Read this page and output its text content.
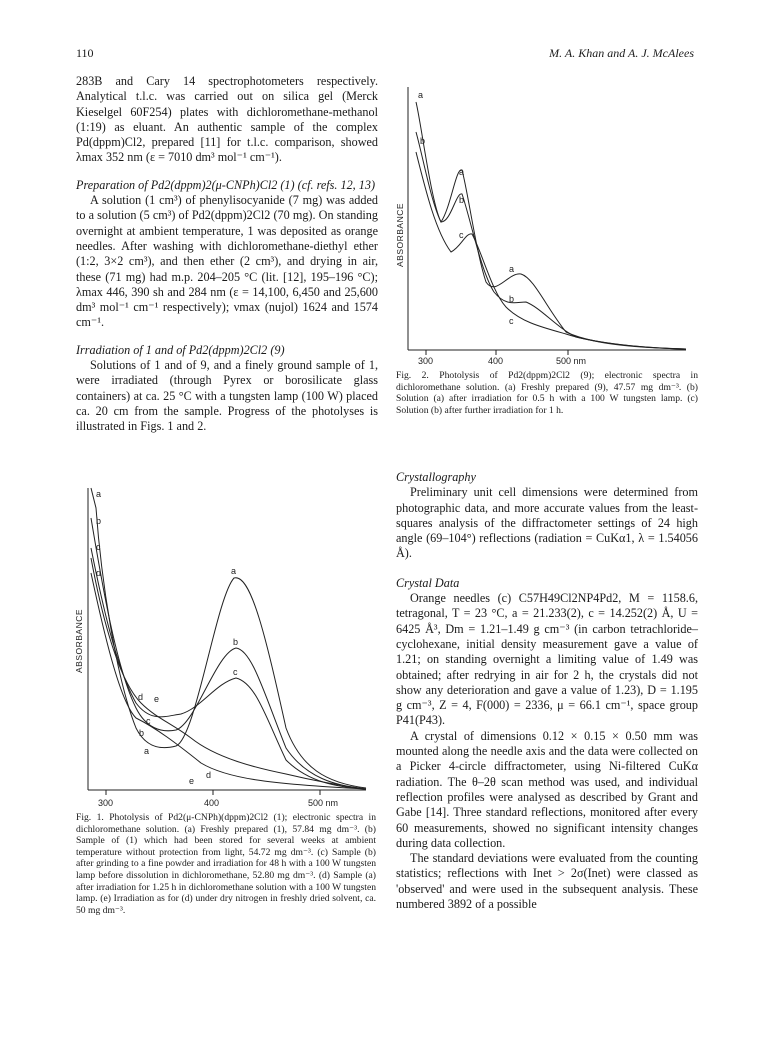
110	M. A. Khan and A. J. McAlees

283B and Cary 14 spectrophotometers respectively. Analytical t.l.c. was carried out on silica gel (Merck Kieselgel 60F254) plates with dichloromethane-methanol (1:19) as eluant. An authentic sample of the complex Pd(dppm)Cl2, prepared [11] for t.l.c. comparison, showed λmax 352 nm (ε = 7010 dm³ mol⁻¹ cm⁻¹).

Preparation of Pd2(dppm)2(μ-CNPh)Cl2 (1) (cf. refs. 12, 13)

A solution (1 cm³) of phenylisocyanide (7 mg) was added to a solution (5 cm³) of Pd2(dppm)2Cl2 (70 mg). On standing overnight at ambient temperature, 1 was deposited as orange needles. After washing with dichloromethane-diethyl ether (1:2, 3×2 cm³), and then ether (2 cm³), and drying in air, these (71 mg) had m.p. 204–205 °C (lit. [12], 195–196 °C); λmax 446, 390 sh and 284 nm (ε = 14,100, 6,450 and 25,600 dm³ mol⁻¹ cm⁻¹ respectively); νmax (nujol) 1624 and 1574 cm⁻¹.

Irradiation of 1 and of Pd2(dppm)2Cl2 (9)

Solutions of 1 and of 9, and a finely ground sample of 1, were irradiated (through Pyrex or borosilicate glass containers) at ca. 25 °C with a tungsten lamp (100 W) placed ca. 20 cm from the sample. Progress of the photolyses is illustrated in Figs. 1 and 2.

a
b
c
d	a
b
c
d e
c
b
a
d
e
300	400	500 nm
ABSORBANCE
Fig. 1. Photolysis of Pd2(μ-CNPh)(dppm)2Cl2 (1); electronic spectra in dichloromethane solution. (a) Freshly prepared (1), 57.84 mg dm⁻³. (b) Sample of (1) which had been stored for several weeks at ambient temperature without protection from light, 54.72 mg dm⁻³. (c) Sample (b) after grinding to a fine powder and irradiation for 48 h with a 100 W tungsten lamp before dissolution in dichloromethane, 52.80 mg dm⁻³. (d) Sample (a) after irradiation for 1.25 h in dichloromethane solution with a 100 W tungsten lamp. (e) Irradiation as for (d) under dry nitrogen in freshly dried solvent, ca. 50 mg dm⁻³.
a
b
a
b
c
a
b
c
300	400	500 nm
ABSORBANCE
Fig. 2. Photolysis of Pd2(dppm)2Cl2 (9); electronic spectra in dichloromethane solution. (a) Freshly prepared (9), 47.57 mg dm⁻³. (b) Solution (a) after irradiation for 0.5 h with a 100 W tungsten lamp. (c) Solution (b) after further irradiation for 1 h.

Crystallography

Preliminary unit cell dimensions were determined from photographic data, and more accurate values from the least-squares analysis of the diffractometer settings of 24 high angle (69–104°) reflections (radiation = CuKα1, λ = 1.54056 Å).

Crystal Data

Orange needles (c) C57H49Cl2NP4Pd2, M = 1158.6, tetragonal, T = 23 °C, a = 21.233(2), c = 14.252(2) Å, U = 6425 Å³, Dm = 1.21–1.49 g cm⁻³ (in carbon tetrachloride–cyclohexane, initial density measurement gave a value of 1.21; on standing overnight a limiting value of 1.49 was obtained; after redrying in air for 2 h, the crystals did not show any deterioration and gave a value of 1.23), D = 1.195 g cm⁻³, Z = 4, F(000) = 2336, μ = 66.1 cm⁻¹, space group P41(P43).

A crystal of dimensions 0.12 × 0.15 × 0.50 mm was mounted along the needle axis and the data were collected on a Picker 4-circle diffractometer, using Ni-filtered CuKα radiation. The θ–2θ scan method was used, and individual reflection profiles were analysed as described by Grant and Gabe [14]. Three standard reflections, monitored after every 60 measurements, showed no significant intensity changes during data collection.

The standard deviations were evaluated from the counting statistics; reflections with Inet > 2σ(Inet) were classed as 'observed' and were used in the subsequent analysis. These numbered 3892 of a possible
